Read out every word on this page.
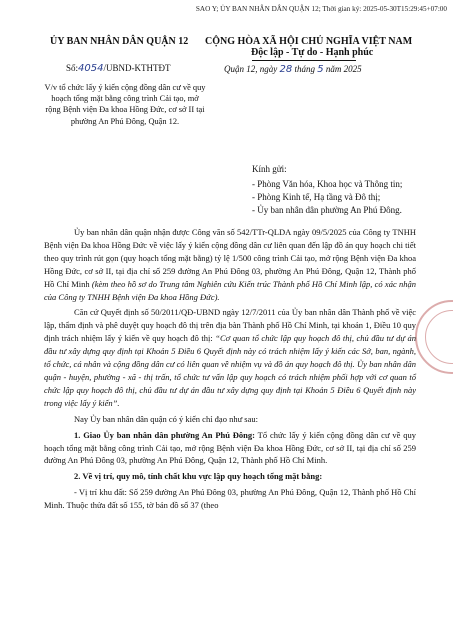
SAO Y; ỦY BAN NHÂN DÂN QUẬN 12; Thời gian ký: 2025-05-30T15:29:45+07:00
ỦY BAN NHÂN DÂN QUẬN 12 CỘNG HÒA XÃ HỘI CHỦ NGHĨA VIỆT NAM
Độc lập - Tự do - Hạnh phúc
Số:4054/UBND-KTHTĐT	Quận 12, ngày 28 tháng 5 năm 2025
V/v tổ chức lấy ý kiến cộng đồng dân cư về quy hoạch tổng mặt bằng công trình Cải tạo, mở rộng Bệnh viện Đa khoa Hồng Đức, cơ sở II tại phường An Phú Đông, Quận 12.
Kính gửi:
- Phòng Văn hóa, Khoa học và Thông tin;
- Phòng Kinh tế, Hạ tầng và Đô thị;
- Ủy ban nhân dân phường An Phú Đông.

Ủy ban nhân dân quận nhận được Công văn số 542/TTr-QLDA ngày 09/5/2025 của Công ty TNHH Bệnh viện Đa khoa Hồng Đức về việc lấy ý kiến cộng đồng dân cư liên quan đến lập đồ án quy hoạch chi tiết theo quy trình rút gọn (quy hoạch tổng mặt bằng) tỷ lệ 1/500 công trình Cải tạo, mở rộng Bệnh viện Đa khoa Hồng Đức, cơ sở II, tại địa chỉ số 259 đường An Phú Đông 03, phường An Phú Đông, Quận 12, Thành phố Hồ Chí Minh (kèm theo hồ sơ do Trung tâm Nghiên cứu Kiến trúc Thành phố Hồ Chí Minh lập, có xác nhận của Công ty TNHH Bệnh viện Đa khoa Hồng Đức).

Căn cứ Quyết định số 50/2011/QĐ-UBND ngày 12/7/2011 của Ủy ban nhân dân Thành phố về việc lập, thẩm định và phê duyệt quy hoạch đô thị trên địa bàn Thành phố Hồ Chí Minh, tại khoản 1, Điều 10 quy định trách nhiệm lấy ý kiến về quy hoạch đô thị: “Cơ quan tổ chức lập quy hoạch đô thị, chủ đầu tư dự án đầu tư xây dựng quy định tại Khoản 5 Điều 6 Quyết định này có trách nhiệm lấy ý kiến các Sở, ban, ngành, tổ chức, cá nhân và cộng đồng dân cư có liên quan về nhiệm vụ và đồ án quy hoạch đô thị. Ủy ban nhân dân quận - huyện, phường - xã - thị trấn, tổ chức tư vấn lập quy hoạch có trách nhiệm phối hợp với cơ quan tổ chức lập quy hoạch đô thị, chủ đầu tư dự án đầu tư xây dựng quy định tại Khoản 5 Điều 6 Quyết định này trong việc lấy ý kiến”.

Nay Ủy ban nhân dân quận có ý kiến chỉ đạo như sau:

1. Giao Ủy ban nhân dân phường An Phú Đông: Tổ chức lấy ý kiến cộng đồng dân cư về quy hoạch tổng mặt bằng công trình Cải tạo, mở rộng Bệnh viện Đa khoa Hồng Đức, cơ sở II, tại địa chỉ số 259 đường An Phú Đông 03, phường An Phú Đông, Quận 12, Thành phố Hồ Chí Minh.

2. Về vị trí, quy mô, tính chất khu vực lập quy hoạch tổng mặt bằng:

- Vị trí khu đất: Số 259 đường An Phú Đông 03, phường An Phú Đông, Quận 12, Thành phố Hồ Chí Minh. Thuộc thửa đất số 155, tờ bản đồ số 37 (theo
